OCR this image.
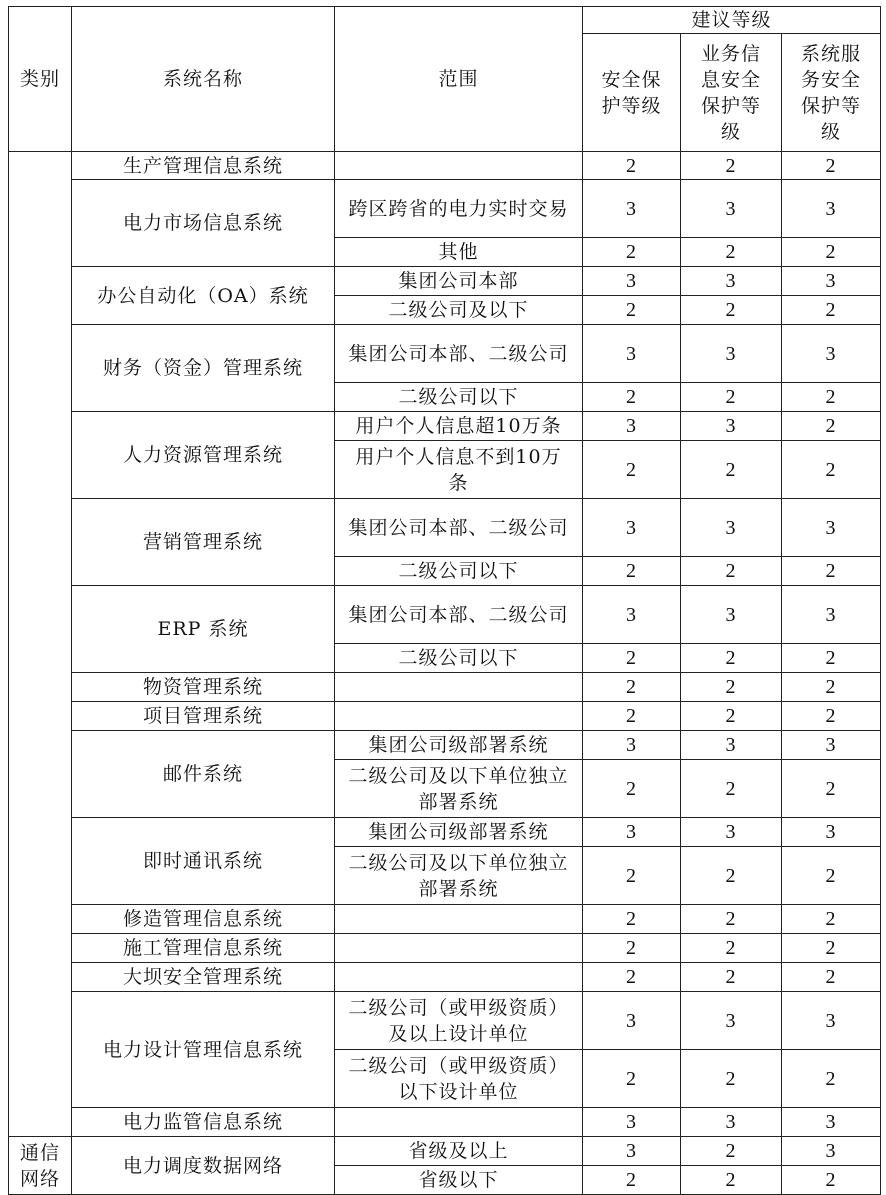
类别	系统名称	范围	建议等级		
			安全保护等级	业务信息安全保护等级	系统服务安全保护等级
	生产管理信息系统		2	2	2
	电力市场信息系统	跨区跨省的电力实时交易	3	3	3
		其他	2	2	2
	办公自动化（OA）系统	集团公司本部	3	3	3
		二级公司及以下	2	2	2
	财务（资金）管理系统	集团公司本部、二级公司	3	3	3
		二级公司以下	2	2	2
	人力资源管理系统	用户个人信息超10万条	3	3	2
		用户个人信息不到10万条	2	2	2
	营销管理系统	集团公司本部、二级公司	3	3	3
		二级公司以下	2	2	2
	ERP 系统	集团公司本部、二级公司	3	3	3
		二级公司以下	2	2	2
	物资管理系统		2	2	2
	项目管理系统		2	2	2
	邮件系统	集团公司级部署系统	3	3	3
		二级公司及以下单位独立部署系统	2	2	2
	即时通讯系统	集团公司级部署系统	3	3	3
		二级公司及以下单位独立部署系统	2	2	2
	修造管理信息系统		2	2	2
	施工管理信息系统		2	2	2
	大坝安全管理系统		2	2	2
	电力设计管理信息系统	二级公司（或甲级资质）及以上设计单位	3	3	3
		二级公司（或甲级资质）以下设计单位	2	2	2
	电力监管信息系统		3	3	3
通信网络	电力调度数据网络	省级及以上	3	2	3
		省级以下	2	2	2
